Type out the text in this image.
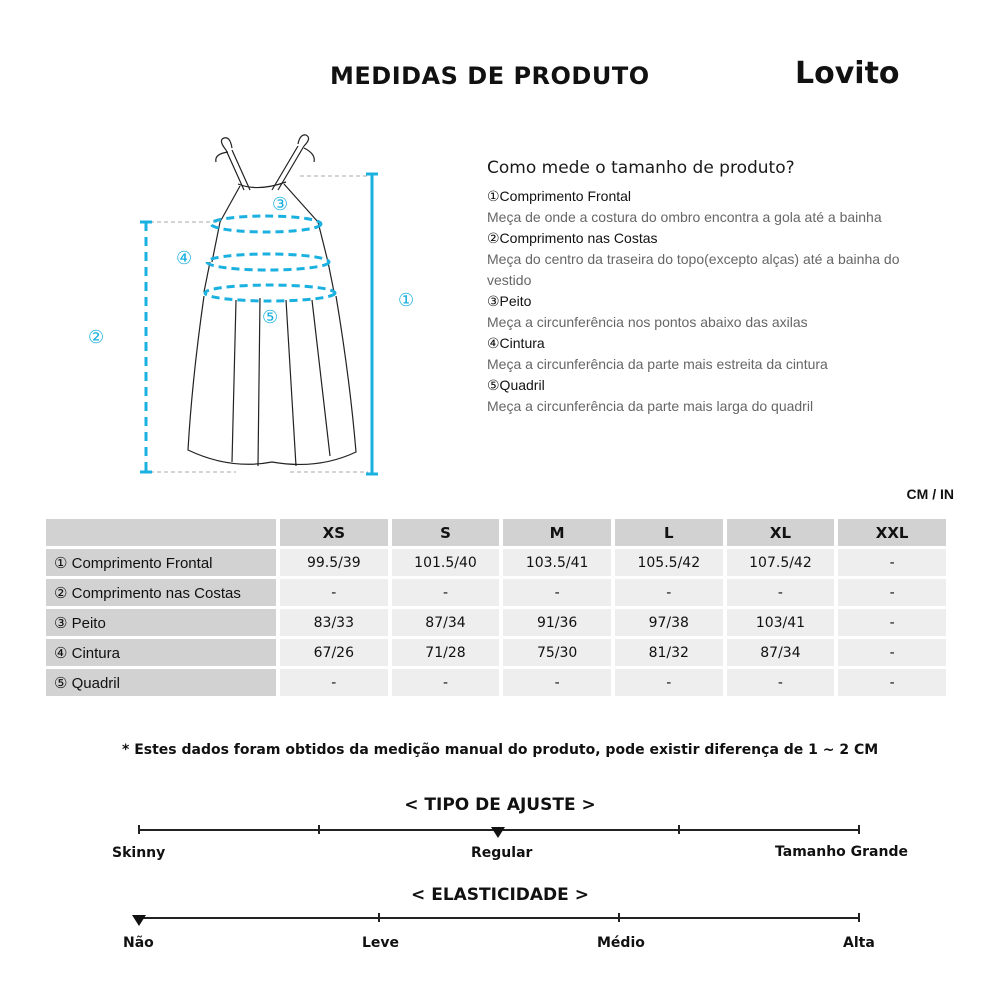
MEDIDAS DE PRODUTO	Lovito
③
④
⑤
①
②
Como mede o tamanho de produto?
①Comprimento Frontal
Meça de onde a costura do ombro encontra a gola até a bainha
②Comprimento nas Costas
Meça do centro da traseira do topo(excepto alças) até a bainha do vestido
③Peito
Meça a circunferência nos pontos abaixo das axilas
④Cintura
Meça a circunferência da parte mais estreita da cintura
⑤Quadril
Meça a circunferência da parte mais larga do quadril
CM / IN
	XS	S	M	L	XL	XXL
① Comprimento Frontal	99.5/39	101.5/40	103.5/41	105.5/42	107.5/42	-
② Comprimento nas Costas	-	-	-	-	-	-
③ Peito	83/33	87/34	91/36	97/38	103/41	-
④ Cintura	67/26	71/28	75/30	81/32	87/34	-
⑤ Quadril	-	-	-	-	-	-
* Estes dados foram obtidos da medição manual do produto, pode existir diferença de 1 ~ 2 CM
< TIPO DE AJUSTE >
Skinny	Regular	Tamanho Grande
< ELASTICIDADE >
Não	Leve	Médio	Alta
